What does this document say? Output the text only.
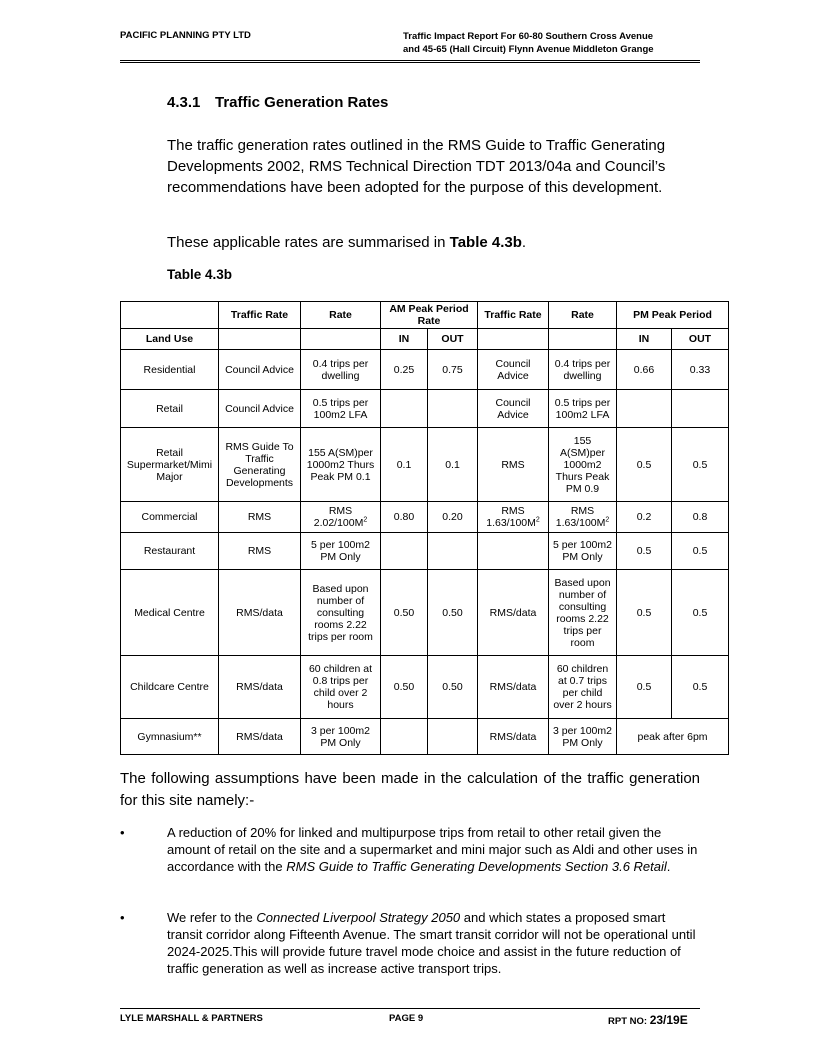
PACIFIC PLANNING PTY LTD	Traffic Impact Report For 60-80 Southern Cross Avenue
and 45-65 (Hall Circuit) Flynn Avenue Middleton Grange
4.3.1 Traffic Generation Rates
The traffic generation rates outlined in the RMS Guide to Traffic Generating Developments 2002, RMS Technical Direction TDT 2013/04a and Council’s recommendations have been adopted for the purpose of this development.
These applicable rates are summarised in Table 4.3b.
Table 4.3b
	Traffic Rate	Rate	AM Peak Period Rate		Traffic Rate	Rate	PM Peak Period	
Land Use			IN	OUT			IN	OUT
Residential	Council Advice	0.4 trips per dwelling	0.25	0.75	Council Advice	0.4 trips per dwelling	0.66	0.33
Retail	Council Advice	0.5 trips per 100m2 LFA			Council Advice	0.5 trips per 100m2 LFA		
Retail Supermarket/Mimi Major	RMS Guide To Traffic Generating Developments	155 A(SM)per 1000m2 Thurs Peak PM 0.1	0.1	0.1	RMS	155 A(SM)per 1000m2 Thurs Peak PM 0.9	0.5	0.5
Commercial	RMS	RMS $2.02/100M^2$	0.80	0.20	RMS $1.63/100M^2$	RMS $1.63/100M^2$	0.2	0.8
Restaurant	RMS	5 per 100m2 PM Only				5 per 100m2 PM Only	0.5	0.5
Medical Centre	RMS/data	Based upon number of consulting rooms 2.22 trips per room	0.50	0.50	RMS/data	Based upon number of consulting rooms 2.22 trips per room	0.5	0.5
Childcare Centre	RMS/data	60 children at 0.8 trips per child over 2 hours	0.50	0.50	RMS/data	60 children at 0.7 trips per child over 2 hours	0.5	0.5
Gymnasium**	RMS/data	3 per 100m2 PM Only			RMS/data	3 per 100m2 PM Only	peak after 6pm	
The following assumptions have been made in the calculation of the traffic generation for this site namely:-
•	A reduction of 20% for linked and multipurpose trips from retail to other retail given the amount of retail on the site and a supermarket and mini major such as Aldi and other uses in accordance with the RMS Guide to Traffic Generating Developments Section 3.6 Retail.
•	We refer to the Connected Liverpool Strategy 2050 and which states a proposed smart transit corridor along Fifteenth Avenue. The smart transit corridor will not be operational until 2024-2025.This will provide future travel mode choice and assist in the future reduction of traffic generation as well as increase active transport trips.
LYLE MARSHALL & PARTNERS	PAGE 9	RPT NO: 23/19E
